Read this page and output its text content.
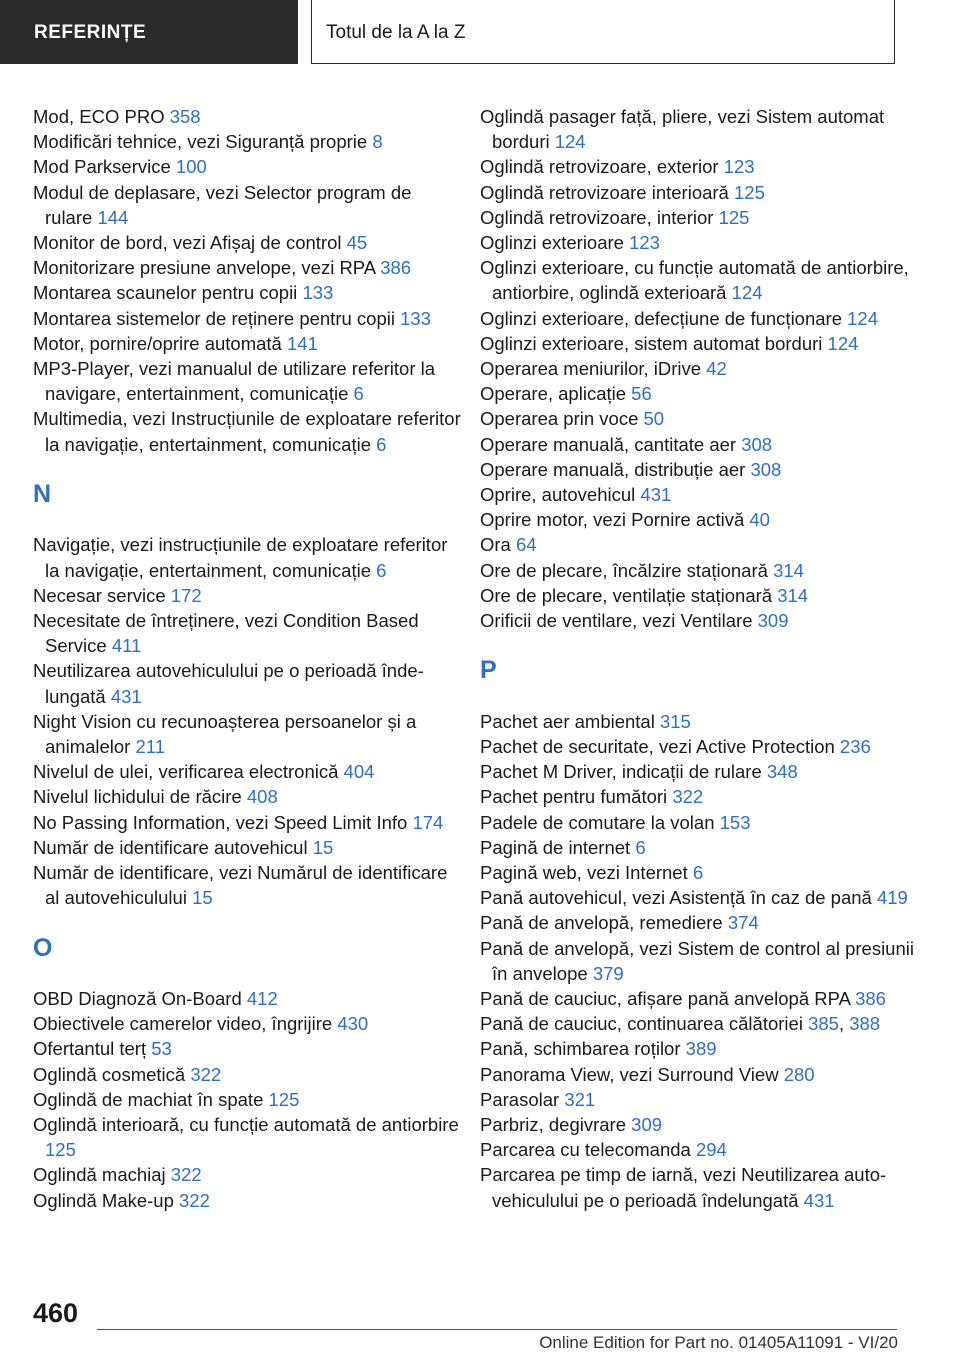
REFERINȚE	Totul de la A la Z

Mod, ECO PRO 358

Modificări tehnice, vezi Siguranță proprie 8

Mod Parkservice 100

Modul de deplasare, vezi Selector program de rulare 144

Monitor de bord, vezi Afișaj de control 45

Monitorizare presiune anvelope, vezi RPA 386

Montarea scaunelor pentru copii 133

Montarea sistemelor de reținere pentru copii 133

Motor, pornire/oprire automată 141

MP3-Player, vezi manualul de utilizare referitor la navigare, entertainment, comunicație 6

Multimedia, vezi Instrucțiunile de exploatare referitor la navigație, entertainment, comunicație 6

N

Navigație, vezi instrucțiunile de exploatare referitor la navigație, entertainment, comunicație 6

Necesar service 172

Necesitate de întreținere, vezi Condition Based Service 411

Neutilizarea autovehiculului pe o perioadă îndelungată 431

Night Vision cu recunoașterea persoanelor și a animalelor 211

Nivelul de ulei, verificarea electronică 404

Nivelul lichidului de răcire 408

No Passing Information, vezi Speed Limit Info 174

Număr de identificare autovehicul 15

Număr de identificare, vezi Numărul de identificare al autovehiculului 15

O

OBD Diagnoză On-Board 412

Obiectivele camerelor video, îngrijire 430

Ofertantul terț 53

Oglindă cosmetică 322

Oglindă de machiat în spate 125

Oglindă interioară, cu funcție automată de antiorbire 125

Oglindă machiaj 322

Oglindă Make-up 322

Oglindă pasager față, pliere, vezi Sistem automat borduri 124

Oglindă retrovizoare, exterior 123

Oglindă retrovizoare interioară 125

Oglindă retrovizoare, interior 125

Oglinzi exterioare 123

Oglinzi exterioare, cu funcție automată de antiorbire, antiorbire, oglindă exterioară 124

Oglinzi exterioare, defecțiune de funcționare 124

Oglinzi exterioare, sistem automat borduri 124

Operarea meniurilor, iDrive 42

Operare, aplicație 56

Operarea prin voce 50

Operare manuală, cantitate aer 308

Operare manuală, distribuție aer 308

Oprire, autovehicul 431

Oprire motor, vezi Pornire activă 40

Ora 64

Ore de plecare, încălzire staționară 314

Ore de plecare, ventilație staționară 314

Orificii de ventilare, vezi Ventilare 309

P

Pachet aer ambiental 315

Pachet de securitate, vezi Active Protection 236

Pachet M Driver, indicații de rulare 348

Pachet pentru fumători 322

Padele de comutare la volan 153

Pagină de internet 6

Pagină web, vezi Internet 6

Pană autovehicul, vezi Asistență în caz de pană 419

Pană de anvelopă, remediere 374

Pană de anvelopă, vezi Sistem de control al presiunii în anvelope 379

Pană de cauciuc, afișare pană anvelopă RPA 386

Pană de cauciuc, continuarea călătoriei 385, 388

Pană, schimbarea roților 389

Panorama View, vezi Surround View 280

Parasolar 321

Parbriz, degivrare 309

Parcarea cu telecomanda 294

Parcarea pe timp de iarnă, vezi Neutilizarea autovehiculului pe o perioadă îndelungată 431

460
Online Edition for Part no. 01405A11091 - VI/20
